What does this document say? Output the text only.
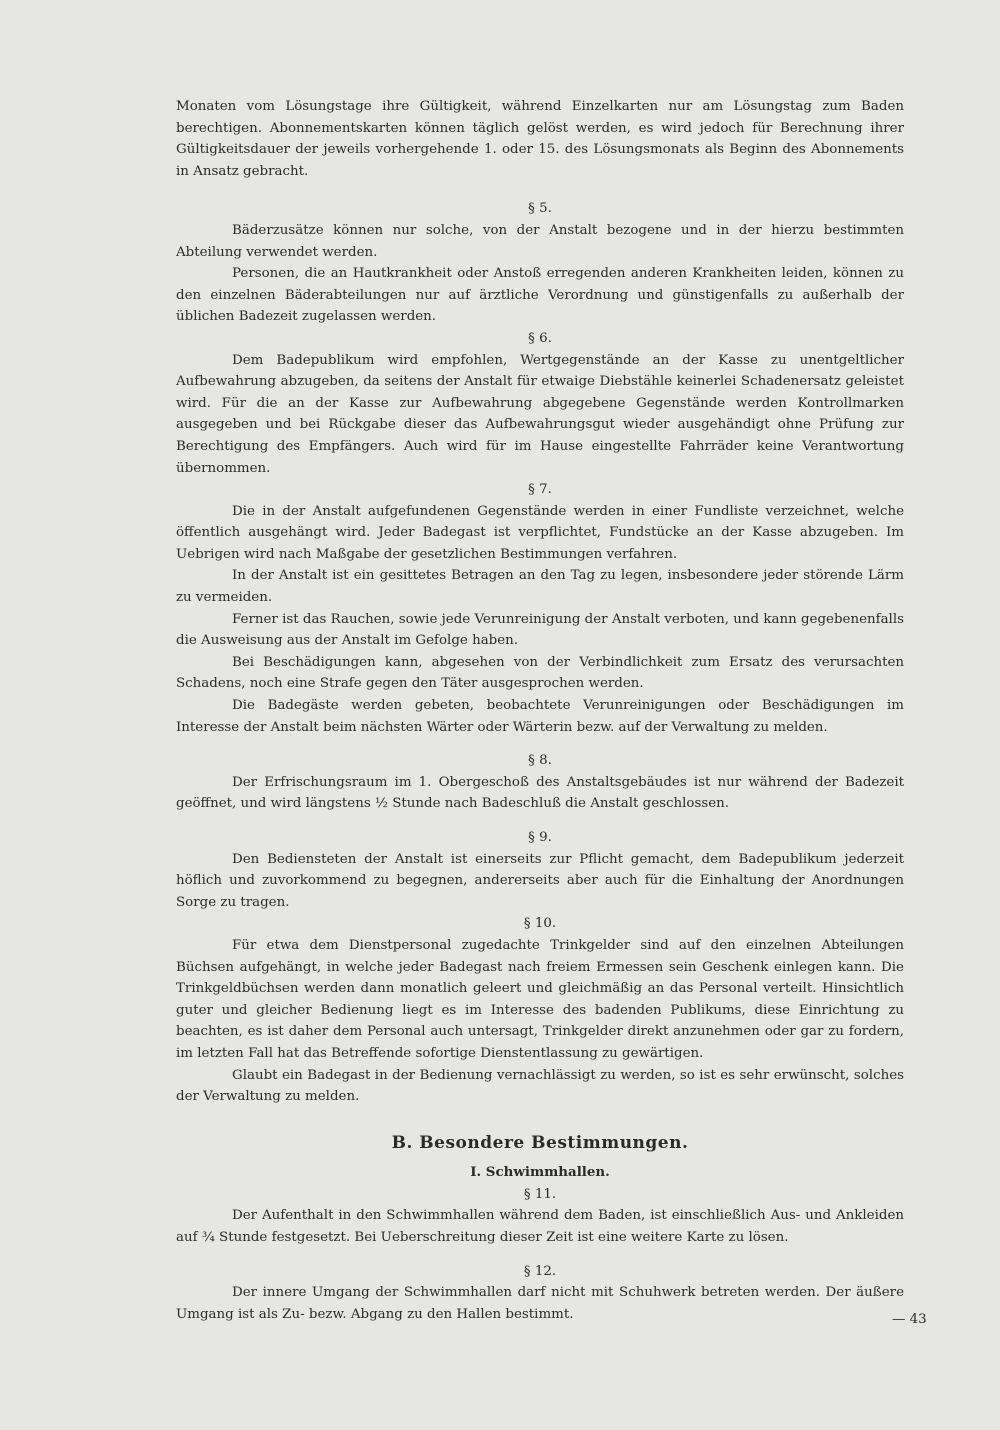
Monaten vom Lösungstage ihre Gültigkeit, während Einzelkarten nur am Lösungstag zum Baden berechtigen. Abonnementskarten können täglich gelöst werden, es wird jedoch für Berechnung ihrer Gültigkeitsdauer der jeweils vorhergehende 1. oder 15. des Lösungsmonats als Beginn des Abonnements in Ansatz gebracht.

§ 5.

Bäderzusätze können nur solche, von der Anstalt bezogene und in der hierzu bestimmten Abteilung verwendet werden.

Personen, die an Hautkrankheit oder Anstoß erregenden anderen Krankheiten leiden, können zu den einzelnen Bäderabteilungen nur auf ärztliche Verordnung und günstigenfalls zu außerhalb der üblichen Badezeit zugelassen werden.

§ 6.

Dem Badepublikum wird empfohlen, Wertgegenstände an der Kasse zu unentgeltlicher Aufbewahrung abzugeben, da seitens der Anstalt für etwaige Diebstähle keinerlei Schadenersatz geleistet wird. Für die an der Kasse zur Aufbewahrung abgegebene Gegenstände werden Kontrollmarken ausgegeben und bei Rückgabe dieser das Aufbewahrungsgut wieder ausgehändigt ohne Prüfung zur Berechtigung des Empfängers. Auch wird für im Hause eingestellte Fahrräder keine Verantwortung übernommen.

§ 7.

Die in der Anstalt aufgefundenen Gegenstände werden in einer Fundliste verzeichnet, welche öffentlich ausgehängt wird. Jeder Badegast ist verpflichtet, Fundstücke an der Kasse abzugeben. Im Uebrigen wird nach Maßgabe der gesetzlichen Bestimmungen verfahren.

In der Anstalt ist ein gesittetes Betragen an den Tag zu legen, insbesondere jeder störende Lärm zu vermeiden.

Ferner ist das Rauchen, sowie jede Verunreinigung der Anstalt verboten, und kann gegebenenfalls die Ausweisung aus der Anstalt im Gefolge haben.

Bei Beschädigungen kann, abgesehen von der Verbindlichkeit zum Ersatz des verursachten Schadens, noch eine Strafe gegen den Täter ausgesprochen werden.

Die Badegäste werden gebeten, beobachtete Verunreinigungen oder Beschädigungen im Interesse der Anstalt beim nächsten Wärter oder Wärterin bezw. auf der Verwaltung zu melden.

§ 8.

Der Erfrischungsraum im 1. Obergeschoß des Anstaltsgebäudes ist nur während der Badezeit geöffnet, und wird längstens ½ Stunde nach Badeschluß die Anstalt geschlossen.

§ 9.

Den Bediensteten der Anstalt ist einerseits zur Pflicht gemacht, dem Badepublikum jederzeit höflich und zuvorkommend zu begegnen, andererseits aber auch für die Einhaltung der Anordnungen Sorge zu tragen.

§ 10.

Für etwa dem Dienstpersonal zugedachte Trinkgelder sind auf den einzelnen Abteilungen Büchsen aufgehängt, in welche jeder Badegast nach freiem Ermessen sein Geschenk einlegen kann. Die Trinkgeldbüchsen werden dann monatlich geleert und gleichmäßig an das Personal verteilt. Hinsichtlich guter und gleicher Bedienung liegt es im Interesse des badenden Publikums, diese Einrichtung zu beachten, es ist daher dem Personal auch untersagt, Trinkgelder direkt anzunehmen oder gar zu fordern, im letzten Fall hat das Betreffende sofortige Dienstentlassung zu gewärtigen.

Glaubt ein Badegast in der Bedienung vernachlässigt zu werden, so ist es sehr erwünscht, solches der Verwaltung zu melden.

B. Besondere Bestimmungen.

I. Schwimmhallen.

§ 11.

Der Aufenthalt in den Schwimmhallen während dem Baden, ist einschließlich Aus- und Ankleiden auf ¾ Stunde festgesetzt. Bei Ueberschreitung dieser Zeit ist eine weitere Karte zu lösen.

§ 12.

Der innere Umgang der Schwimmhallen darf nicht mit Schuhwerk betreten werden. Der äußere Umgang ist als Zu- bezw. Abgang zu den Hallen bestimmt.	— 43
